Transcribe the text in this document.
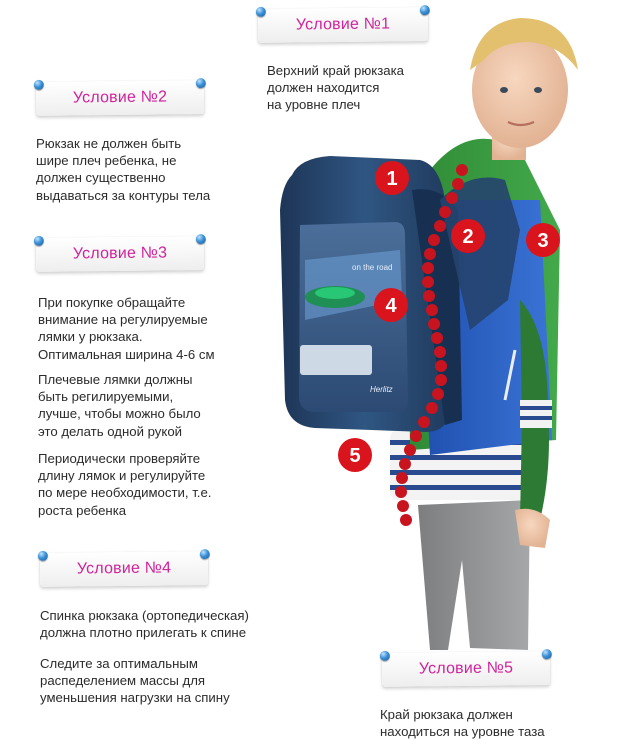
on the road
Herlitz
1
2	3
4
5
Условие №1
Верхний край рюкзака
должен находится
на уровне плеч
Условие №2
Рюкзак не должен быть
шире плеч ребенка, не
должен существенно
выдаваться за контуры тела
Условие №3
При покупке обращайте
внимание на регулируемые
лямки у рюкзака.
Оптимальная ширина 4-6 см
Плечевые лямки должны
быть регилируемыми,
лучше, чтобы можно было
это делать одной рукой
Периодически проверяйте
длину лямок и регулируйте
по мере необходимости, т.е.
роста ребенка
Условие №4
Спинка рюкзака (ортопедическая)
должна плотно прилегать к спине
Следите за оптимальным
распеделением массы для
уменьшения нагрузки на спину
Условие №5
Край рюкзака должен
находиться на уровне таза
